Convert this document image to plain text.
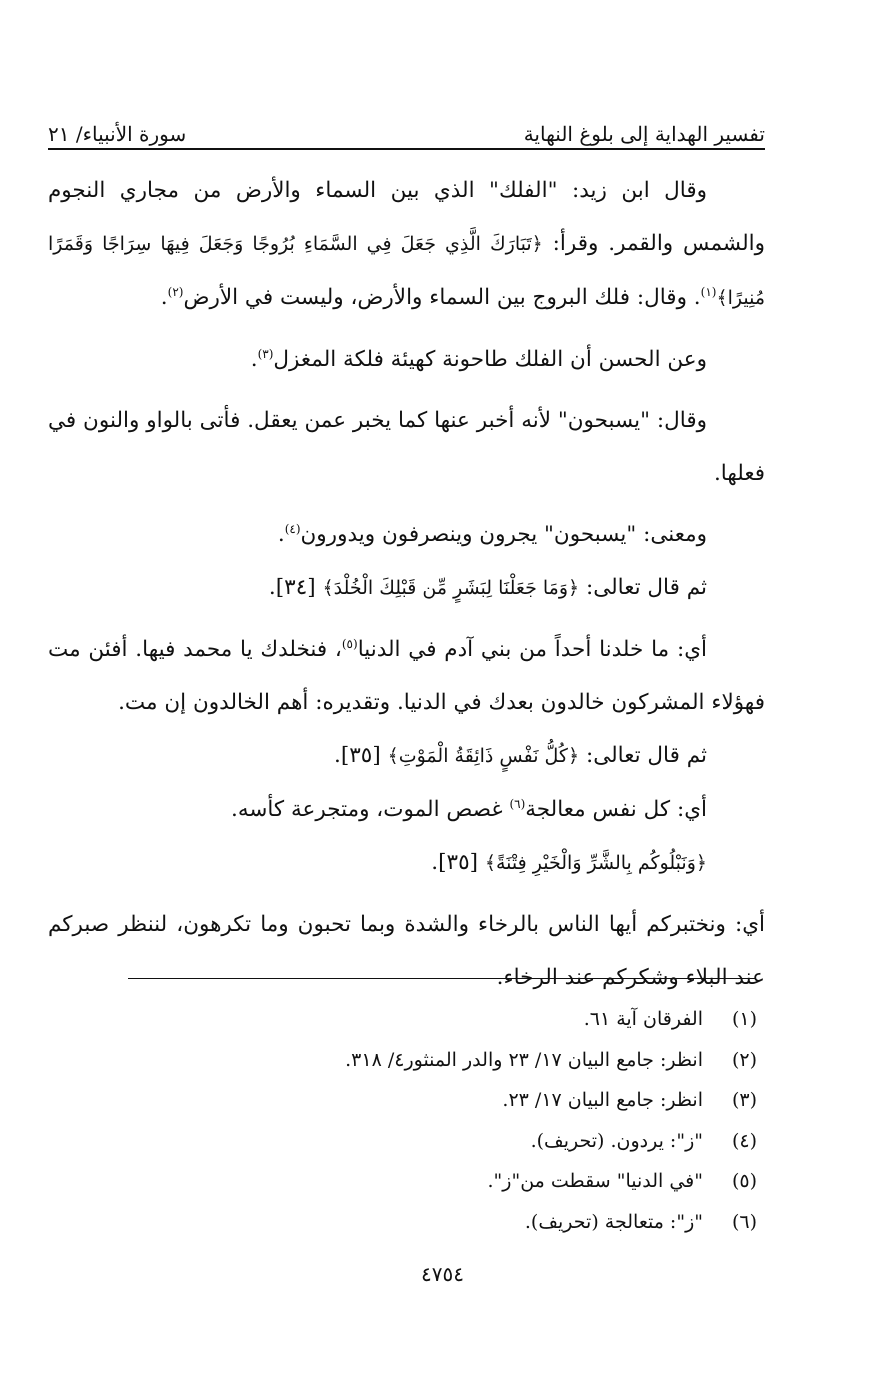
تفسير الهداية إلى بلوغ النهاية
سورة الأنبياء/ ٢١

وقال ابن زيد: "الفلك" الذي بين السماء والأرض من مجاري النجوم والشمس والقمر. وقرأ: ﴿تَبَارَكَ الَّذِي جَعَلَ فِي السَّمَاءِ بُرُوجًا وَجَعَلَ فِيهَا سِرَاجًا وَقَمَرًا مُنِيرًا﴾$^{(١)}$. وقال: فلك البروج بين السماء والأرض، وليست في الأرض$^{(٢)}$.

وعن الحسن أن الفلك طاحونة كهيئة فلكة المغزل$^{(٣)}$.

وقال: "يسبحون" لأنه أخبر عنها كما يخبر عمن يعقل. فأتى بالواو والنون في فعلها.

ومعنى: "يسبحون" يجرون وينصرفون ويدورون$^{(٤)}$.

ثم قال تعالى: ﴿وَمَا جَعَلْنَا لِبَشَرٍ مِّن قَبْلِكَ الْخُلْدَ﴾ [٣٤].

أي: ما خلدنا أحداً من بني آدم في الدنيا$^{(٥)}$، فنخلدك يا محمد فيها. أفئن مت فهؤلاء المشركون خالدون بعدك في الدنيا. وتقديره: أهم الخالدون إن مت.

ثم قال تعالى: ﴿كُلُّ نَفْسٍ ذَائِقَةُ الْمَوْتِ﴾ [٣٥].

أي: كل نفس معالجة$^{(٦)}$ غصص الموت، ومتجرعة كأسه.

﴿وَنَبْلُوكُم بِالشَّرِّ وَالْخَيْرِ فِتْنَةً﴾ [٣٥].

أي: ونختبركم أيها الناس بالرخاء والشدة وبما تحبون وما تكرهون، لننظر صبركم عند البلاء وشكركم عند الرخاء.

(١)
الفرقان آية ٦١.
(٢)
انظر: جامع البيان ١٧/ ٢٣ والدر المنثور٤/ ٣١٨.
(٣)
انظر: جامع البيان ١٧/ ٢٣.
(٤)
"ز": يردون. (تحريف).
(٥)
"في الدنيا" سقطت من"ز".
(٦)
"ز": متعالجة (تحريف).
٤٧٥٤
